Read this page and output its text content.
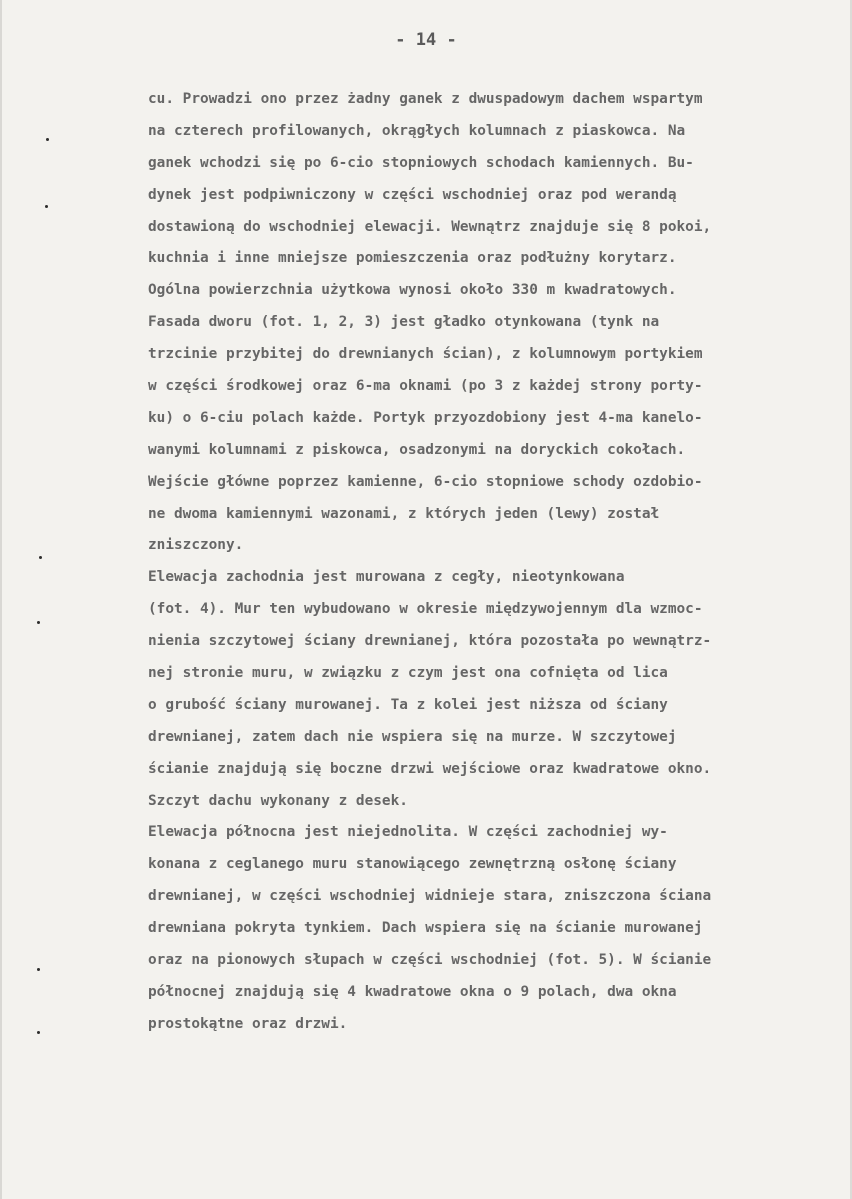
- 14 -
cu. Prowadzi ono przez żadny ganek z dwuspadowym dachem wspartym
na czterech profilowanych, okrągłych kolumnach z piaskowca. Na
ganek wchodzi się po 6-cio stopniowych schodach kamiennych. Bu-
dynek jest podpiwniczony w części wschodniej oraz pod werandą
dostawioną do wschodniej elewacji. Wewnątrz znajduje się 8 pokoi,
kuchnia i inne mniejsze pomieszczenia oraz podłużny korytarz.
Ogólna powierzchnia użytkowa wynosi około 330 m kwadratowych.
Fasada dworu (fot. 1, 2, 3) jest gładko otynkowana (tynk na
trzcinie przybitej do drewnianych ścian), z kolumnowym portykiem
w części środkowej oraz 6-ma oknami (po 3 z każdej strony porty-
ku) o 6-ciu polach każde. Portyk przyozdobiony jest 4-ma kanelo-
wanymi kolumnami z piskowca, osadzonymi na doryckich cokołach.
Wejście główne poprzez kamienne, 6-cio stopniowe schody ozdobio-
ne dwoma kamiennymi wazonami, z których jeden (lewy) został
zniszczony.
Elewacja zachodnia jest murowana z cegły, nieotynkowana
(fot. 4). Mur ten wybudowano w okresie międzywojennym dla wzmoc-
nienia szczytowej ściany drewnianej, która pozostała po wewnątrz-
nej stronie muru, w związku z czym jest ona cofnięta od lica
o grubość ściany murowanej. Ta z kolei jest niższa od ściany
drewnianej, zatem dach nie wspiera się na murze. W szczytowej
ścianie znajdują się boczne drzwi wejściowe oraz kwadratowe okno.
Szczyt dachu wykonany z desek.
Elewacja północna jest niejednolita. W części zachodniej wy-
konana z ceglanego muru stanowiącego zewnętrzną osłonę ściany
drewnianej, w części wschodniej widnieje stara, zniszczona ściana
drewniana pokryta tynkiem. Dach wspiera się na ścianie murowanej
oraz na pionowych słupach w części wschodniej (fot. 5). W ścianie
północnej znajdują się 4 kwadratowe okna o 9 polach, dwa okna
prostokątne oraz drzwi.
